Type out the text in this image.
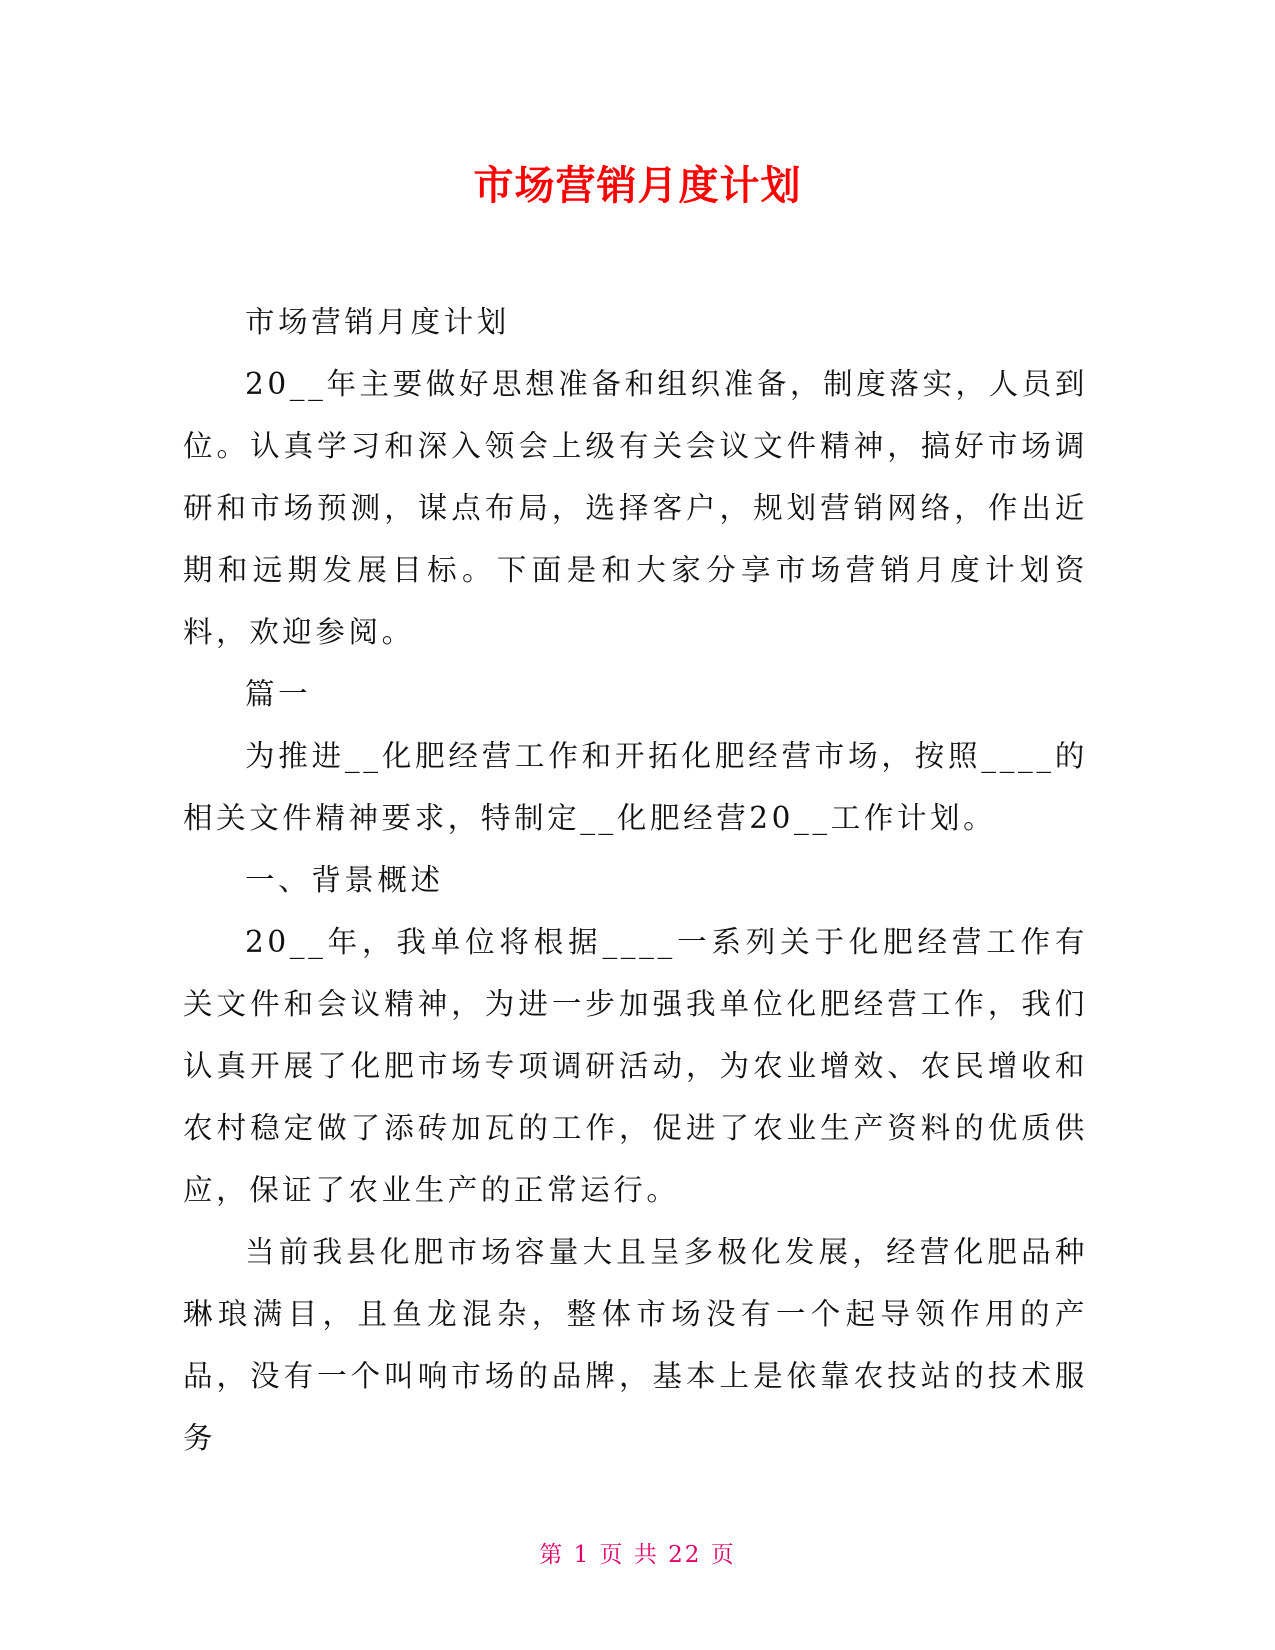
市场营销月度计划

市场营销月度计划

20__年主要做好思想准备和组织准备，制度落实，人员到位。认真学习和深入领会上级有关会议文件精神，搞好市场调研和市场预测，谋点布局，选择客户，规划营销网络，作出近期和远期发展目标。下面是和大家分享市场营销月度计划资料，欢迎参阅。

篇一

为推进__化肥经营工作和开拓化肥经营市场，按照____的相关文件精神要求，特制定__化肥经营20__工作计划。

一、背景概述

20__年，我单位将根据____一系列关于化肥经营工作有关文件和会议精神，为进一步加强我单位化肥经营工作，我们认真开展了化肥市场专项调研活动，为农业增效、农民增收和农村稳定做了添砖加瓦的工作，促进了农业生产资料的优质供应，保证了农业生产的正常运行。

当前我县化肥市场容量大且呈多极化发展，经营化肥品种琳琅满目，且鱼龙混杂，整体市场没有一个起导领作用的产品，没有一个叫响市场的品牌，基本上是依靠农技站的技术服务

第 1 页 共 22 页
